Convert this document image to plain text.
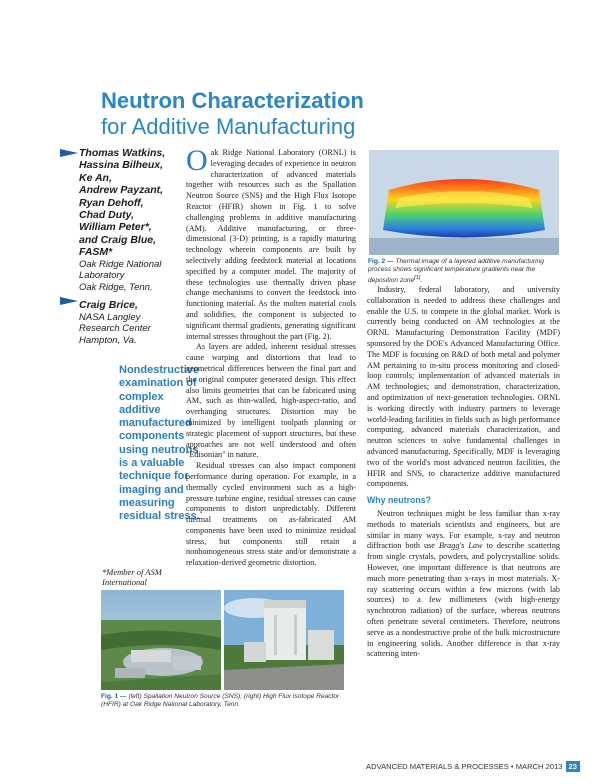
Neutron Characterization
for Additive Manufacturing
Thomas Watkins,
Hassina Bilheux,
Ke An,
Andrew Payzant,
Ryan Dehoff,
Chad Duty,
William Peter*,
and Craig Blue,
FASM*
Oak Ridge National
Laboratory
Oak Ridge, Tenn.
Craig Brice,
NASA Langley
Research Center
Hampton, Va.
Nondestructive examination of complex additive manufactured components using neutrons is a valuable technique for imaging and measuring residual stress.
*Member of ASM International

Oak Ridge National Laboratory (ORNL) is leveraging decades of experience in neutron characterization of advanced materials together with resources such as the Spallation Neutron Source (SNS) and the High Flux Isotope Reactor (HFIR) shown in Fig. 1 to solve challenging problems in additive manufacturing (AM). Additive manufacturing, or three-dimensional (3-D) printing, is a rapidly maturing technology wherein components are built by selectively adding feedstock material at locations specified by a computer model. The majority of these technologies use thermally driven phase change mechanisms to convert the feedstock into functioning material. As the molten material cools and solidifies, the component is subjected to significant thermal gradients, generating significant internal stresses throughout the part (Fig. 2).

As layers are added, inherent residual stresses cause warping and distortions that lead to geometrical differences between the final part and the original computer generated design. This effect also limits geometries that can be fabricated using AM, such as thin-walled, high-aspect-ratio, and overhanging structures. Distortion may be minimized by intelligent toolpath planning or strategic placement of support structures, but these approaches are not well understood and often "Edisonian" in nature.

Residual stresses can also impact component performance during operation. For example, in a thermally cycled environment such as a high-pressure turbine engine, residual stresses can cause components to distort unpredictably. Different thermal treatments on as-fabricated AM components have been used to minimize residual stress, but components still retain a nonhomogeneous stress state and/or demonstrate a relaxation-derived geometric distortion.

Fig. 2 — Thermal image of a layered additive manufacturing process shows significant temperature gradients near the deposition zone[1].

Industry, federal laboratory, and university collaboration is needed to address these challenges and enable the U.S. to compete in the global market. Work is currently being conducted on AM technologies at the ORNL Manufacturing Demonstration Facility (MDF) sponsored by the DOE's Advanced Manufacturing Office. The MDF is focusing on R&D of both metal and polymer AM pertaining to in-situ process monitoring and closed-loop controls; implementation of advanced materials in AM technologies; and demonstration, characterization, and optimization of next-generation technologies. ORNL is working directly with industry partners to leverage world-leading facilities in fields such as high performance computing, advanced materials characterization, and neutron sciences to solve fundamental challenges in advanced manufacturing. Specifically, MDF is leveraging two of the world's most advanced neutron facilities, the HFIR and SNS, to characterize additive manufactured components.

Why neutrons?

Neutron techniques might be less familiar than x-ray methods to materials scientists and engineers, but are similar in many ways. For example, x-ray and neutron diffraction both use Bragg's Law to describe scattering from single crystals, powders, and polycrystalline solids. However, one important difference is that neutrons are much more penetrating than x-rays in most materials. X-ray scattering occurs within a few microns (with lab sources) to a few millimeters (with high-energy synchrotron radiation) of the surface, whereas neutrons often penetrate several centimeters. Therefore, neutrons serve as a nondestructive probe of the bulk microstructure in engineering solids. Another difference is that x-ray scattering inten-

Fig. 1 — (left) Spallation Neutron Source (SNS); (right) High Flux Isotope Reactor (HFIR) at Oak Ridge National Laboratory, Tenn.
ADVANCED MATERIALS & PROCESSES • MARCH 2013 23
